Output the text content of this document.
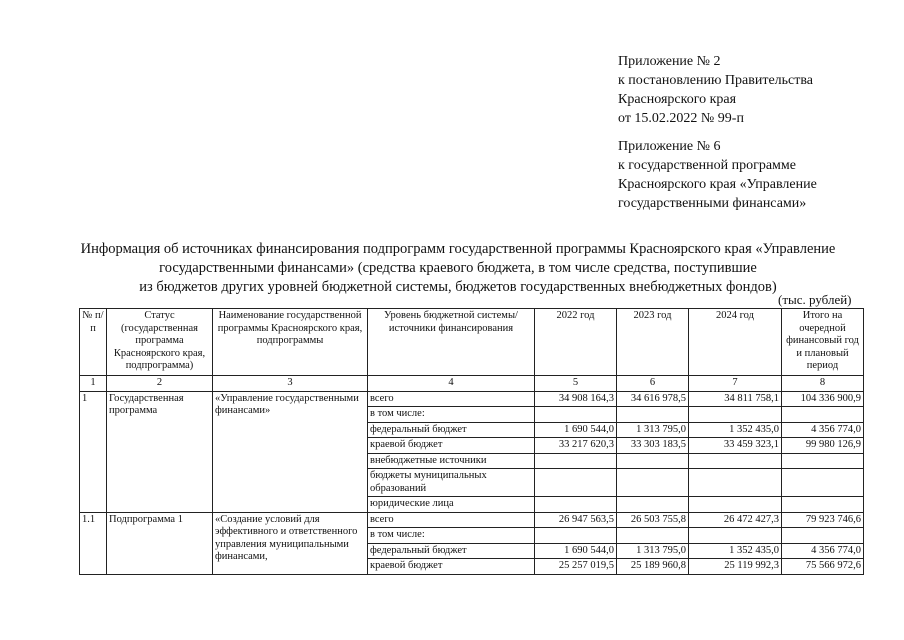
Приложение № 2
к постановлению Правительства
Красноярского края
от 15.02.2022 № 99-п
Приложение № 6
к государственной программе
Красноярского края «Управление
государственными финансами»
Информация об источниках финансирования подпрограмм государственной программы Красноярского края «Управление
государственными финансами» (средства краевого бюджета, в том числе средства, поступившие
из бюджетов других уровней бюджетной системы, бюджетов государственных внебюджетных фондов)
(тыс. рублей)
№ п/п	Статус (государственная программа Красноярского края, подпрограмма)	Наименование государственной программы Красноярского края, подпрограммы	Уровень бюджетной системы/источники финансирования	2022 год	2023 год	2024 год	Итого на очередной финансовый год и плановый период
1	2	3	4	5	6	7	8
1	Государственная программа	«Управление государственными финансами»	всего	34 908 164,3	34 616 978,5	34 811 758,1	104 336 900,9
			в том числе:				
			федеральный бюджет	1 690 544,0	1 313 795,0	1 352 435,0	4 356 774,0
			краевой бюджет	33 217 620,3	33 303 183,5	33 459 323,1	99 980 126,9
			внебюджетные источники				
			бюджеты муниципальных образований				
			юридические лица				
1.1	Подпрограмма 1	«Создание условий для эффективного и ответственного управления муниципальными финансами,	всего	26 947 563,5	26 503 755,8	26 472 427,3	79 923 746,6
			в том числе:				
			федеральный бюджет	1 690 544,0	1 313 795,0	1 352 435,0	4 356 774,0
			краевой бюджет	25 257 019,5	25 189 960,8	25 119 992,3	75 566 972,6
